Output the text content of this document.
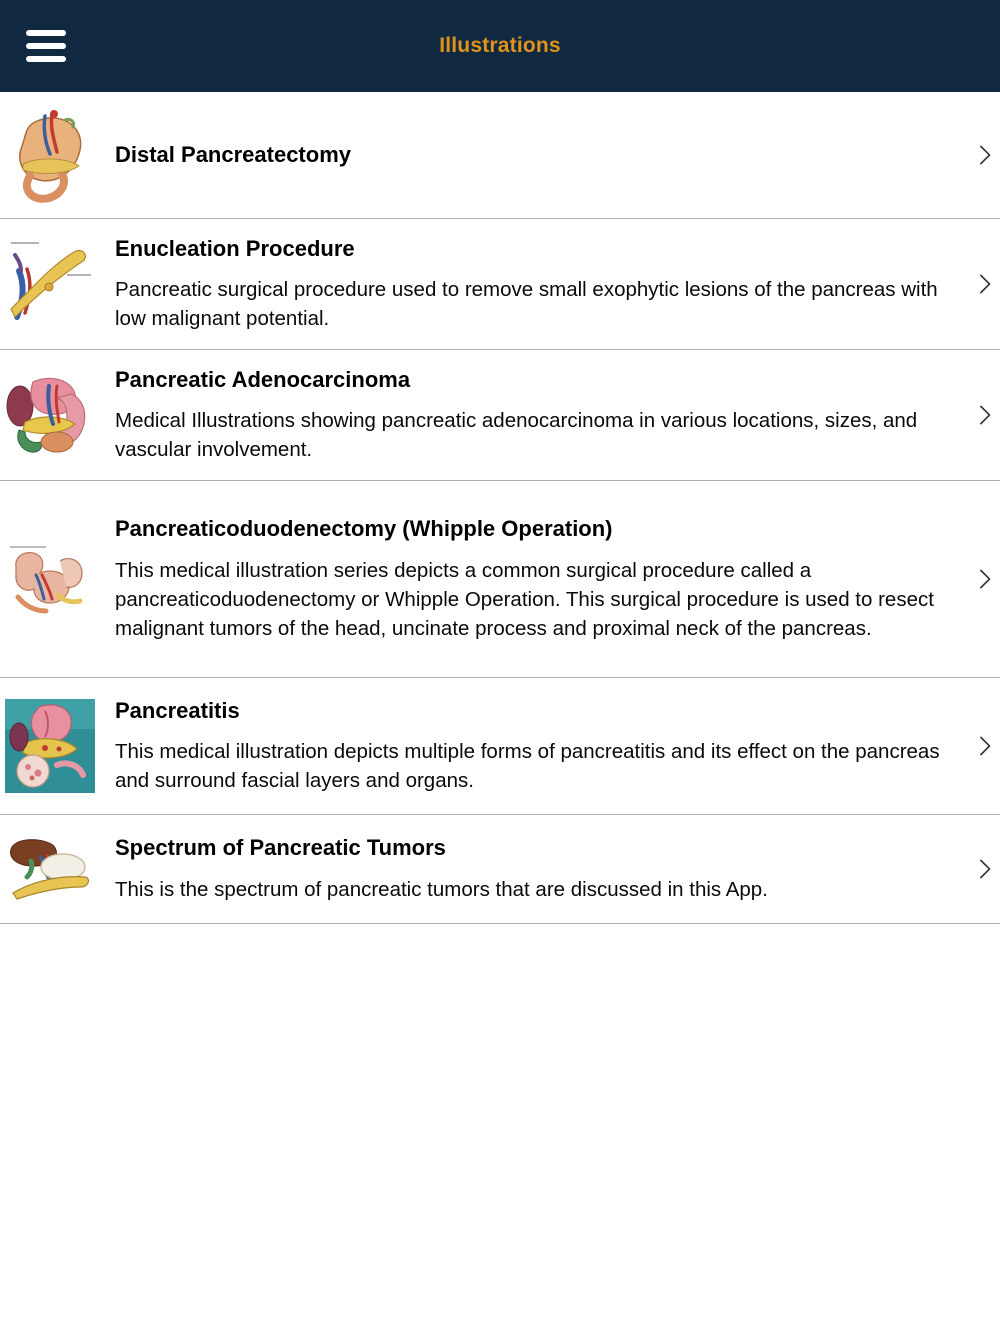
Illustrations
Distal Pancreatectomy
Enucleation Procedure
Pancreatic surgical procedure used to remove small exophytic lesions of the pancreas with low malignant potential.
Pancreatic Adenocarcinoma
Medical Illustrations showing pancreatic adenocarcinoma in various locations, sizes, and vascular involvement.
Pancreaticoduodenectomy (Whipple Operation)
This medical illustration series depicts a common surgical procedure called a pancreaticoduodenectomy or Whipple Operation. This surgical procedure is used to resect malignant tumors of the head, uncinate process and proximal neck of the pancreas.
Pancreatitis
This medical illustration depicts multiple forms of pancreatitis and its effect on the pancreas and surround fascial layers and organs.
Spectrum of Pancreatic Tumors
This is the spectrum of pancreatic tumors that are discussed in this App.
